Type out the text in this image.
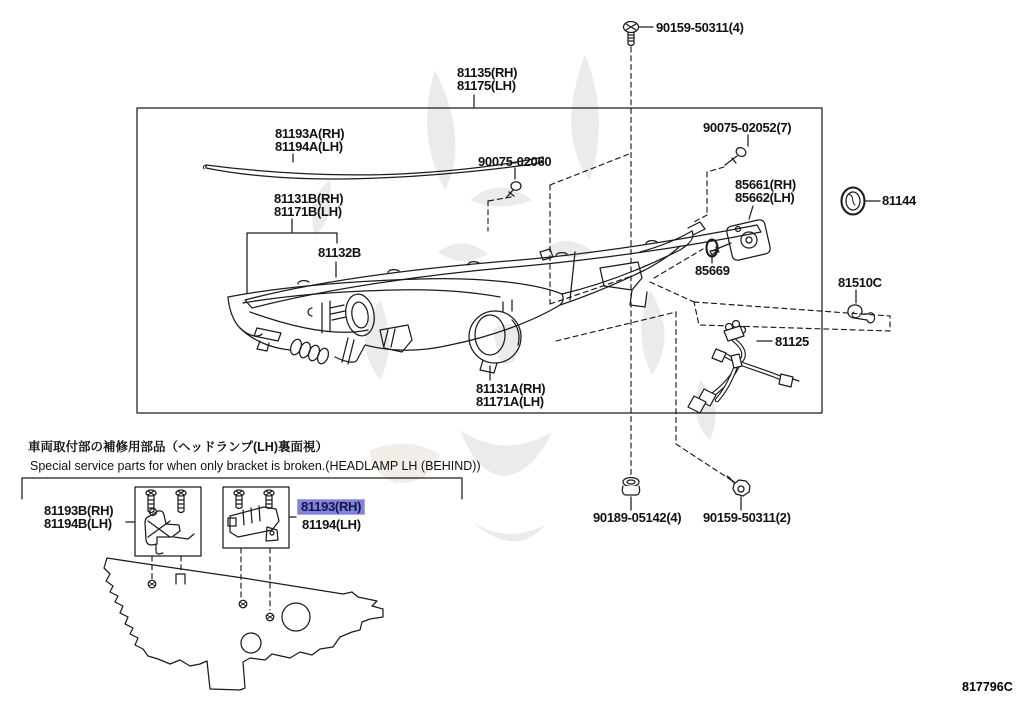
90159-50311(4)
81135(RH)
81175(LH)
81193A(RH)
81194A(LH)
81131B(RH)
81171B(LH)
81132B
90075-02060
90075-02052(7)
85661(RH)
85662(LH)
85669
81144
81510C
81125
81131A(RH)
81171A(LH)
車両取付部の補修用部品（ヘッドランプ(LH)裏面視）
Special service parts for when only bracket is broken.(HEADLAMP LH (BEHIND))
81193B(RH)
81194B(LH)
81193(RH)
81194(LH)	90189-05142(4) 90159-50311(2)
817796C
